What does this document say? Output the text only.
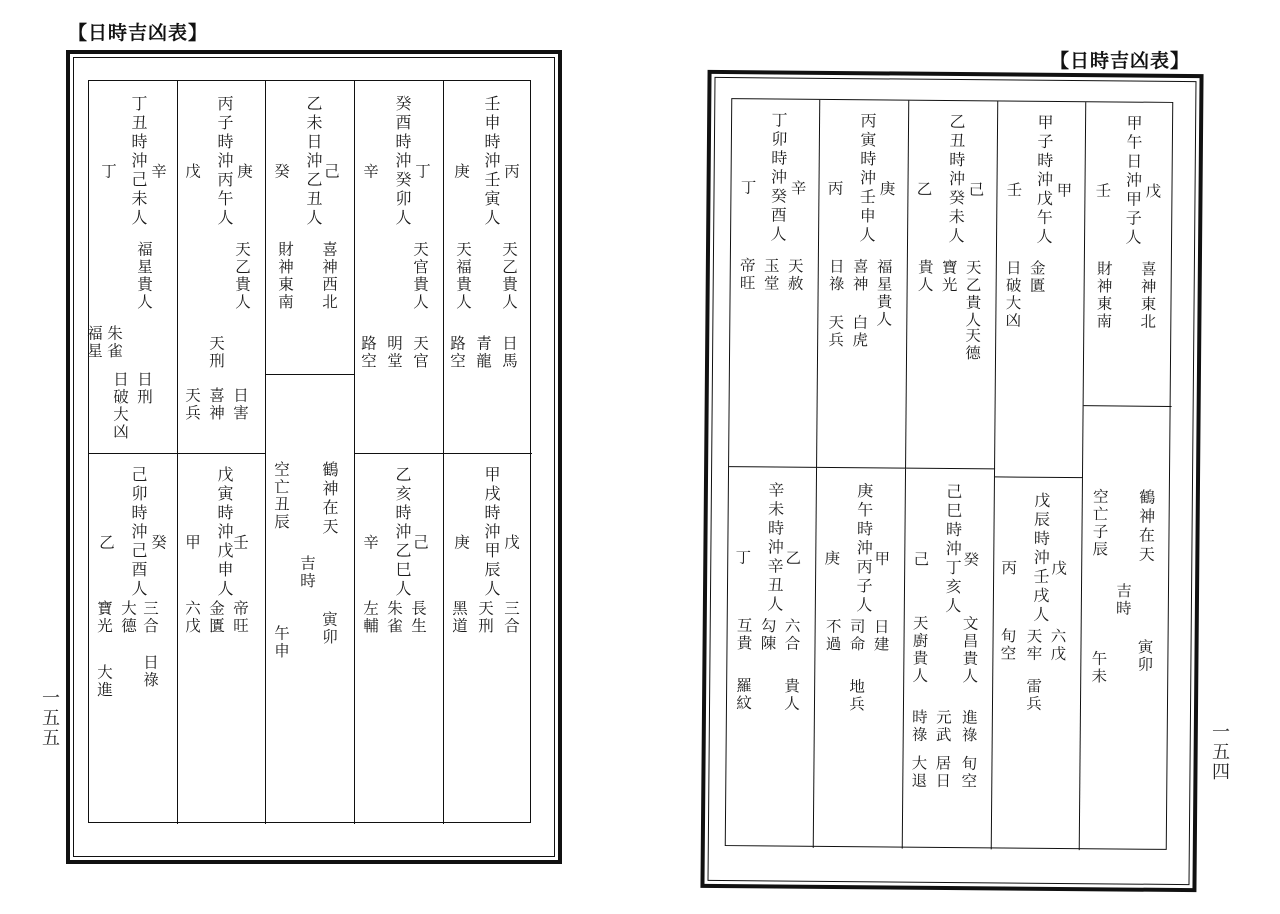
【日時吉凶表】
一五五
丁丑時沖己未人 辛
丁
福星貴人
朱雀
福星
日刑
日破大凶
己卯時沖己酉人 癸
乙
三合
大德
寶光
日祿
大進
丙子時沖丙午人 庚
戊
天乙貴人
天刑
日害
喜神
天兵
戊寅時沖戊申人
壬
甲
帝旺
金匱
六戊
乙未日沖乙丑人 己
癸
喜神西北
財神東南
鶴神在天
空亡丑辰
吉時
寅卯
午申
癸酉時沖癸卯人 丁
辛
天官貴人
天官
明堂
路空
乙亥時沖乙巳人 己
辛
長生
朱雀
左輔
壬申時沖壬寅人 丙
庚
天乙貴人
天福貴人
日馬
青龍
路空
甲戌時沖甲辰人 戊
庚
三合
天刑
黑道
【日時吉凶表】
一五四
丁卯時沖癸酉人 辛
丁
天赦
玉堂
帝旺
辛未時沖辛丑人
乙
丁
六合
勾陳
互貴
貴人
羅紋
丙寅時沖壬申人 庚
丙
福星貴人
喜神
日祿
白虎
天兵
庚午時沖丙子人
甲
庚
日建
司命
不過
地兵
乙丑時沖癸未人 己
乙
天乙貴人
寶光
貴人
天德
己巳時沖丁亥人
癸
己
文昌貴人
天廚貴人
進祿
元武
時祿
旬空
居日
大退
甲子時沖戊午人 甲
壬
金匱
日破大凶
戊辰時沖壬戌人
戊
丙
六戊
天牢
旬空
雷兵
甲午日沖甲子人 戊
壬
喜神東北
財神東南
鶴神在天
空亡子辰
吉時
寅卯
午未
